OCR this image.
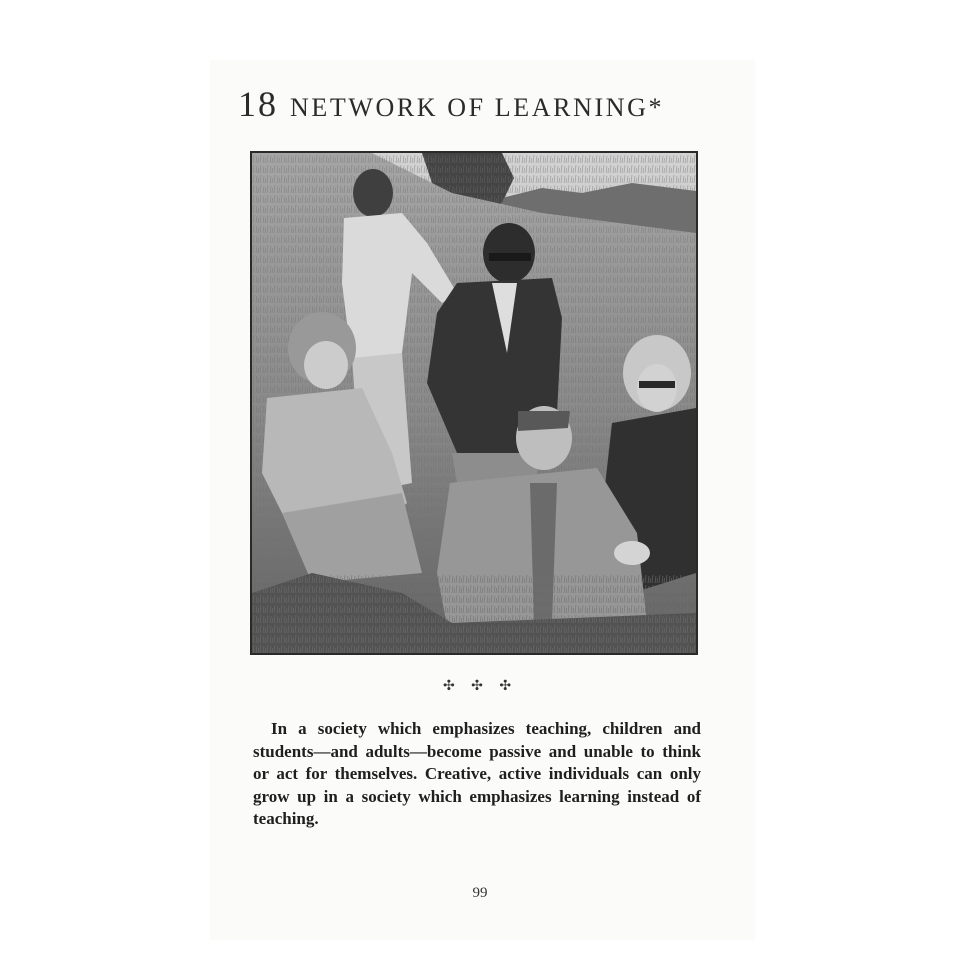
18 NETWORK OF LEARNING*
✣ ✣ ✣

In a society which emphasizes teaching, children and students—and adults—become passive and unable to think or act for themselves. Creative, active individuals can only grow up in a society which emphasizes learning instead of teaching.

99
